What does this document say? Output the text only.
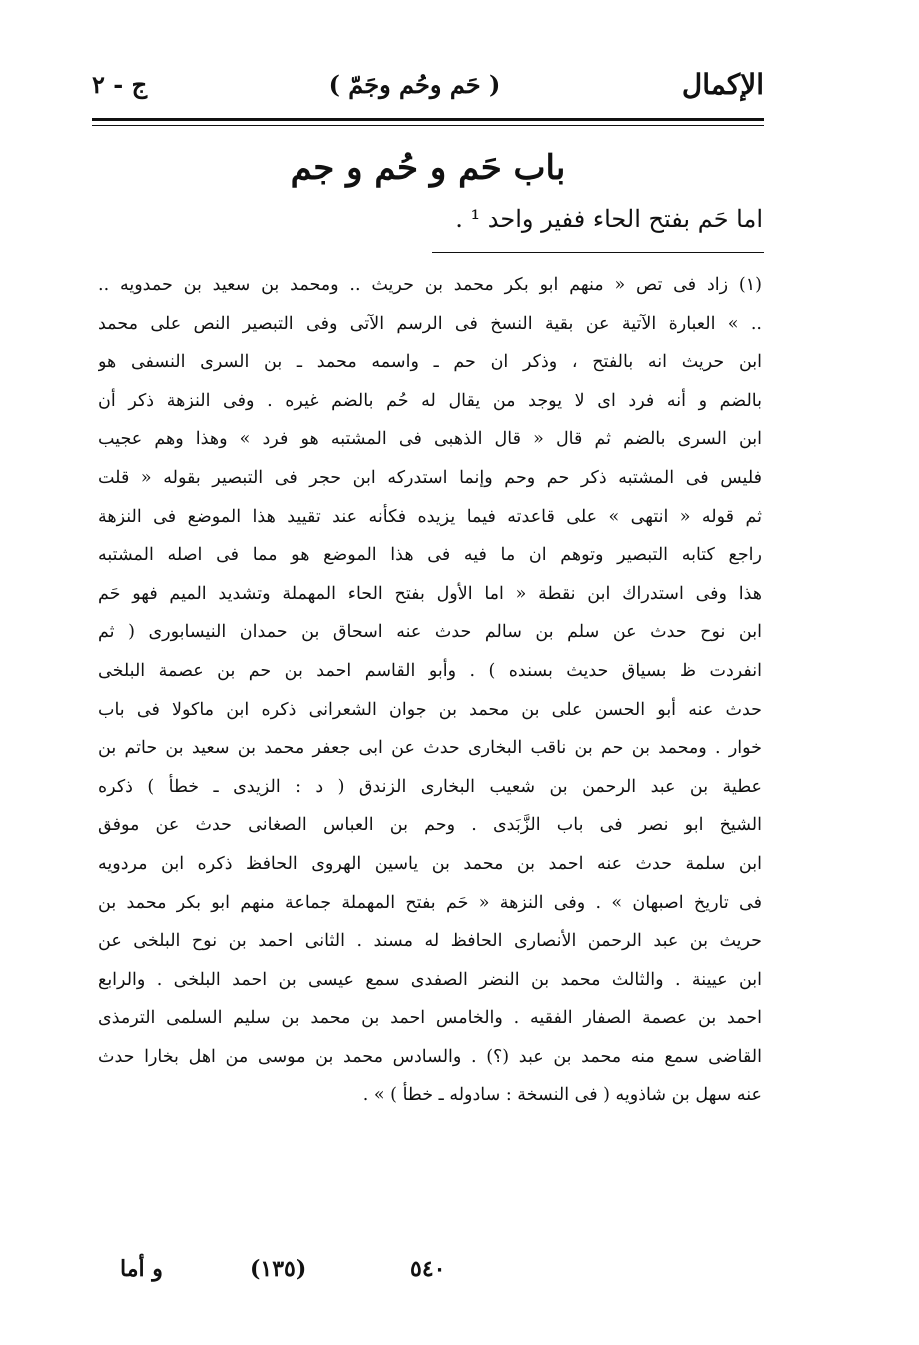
الإكمال
( حَم وحُم وجَمّ )
ج - ٢
باب حَم و حُم و جم
اما حَم بفتح الحاء ففير واحد ¹ .
(١) زاد فى تص « منهم ابو بكر محمد بن حريث .. ومحمد بن سعيد بن حمدويه ..
.. » العبارة الآتية عن بقية النسخ فى الرسم الآتى وفى التبصير النص على محمد
ابن حريث انه بالفتح ، وذكر ان حم ـ واسمه محمد ـ بن السرى النسفى هو
بالضم و أنه فرد اى لا يوجد من يقال له حُم بالضم غيره . وفى النزهة ذكر أن
ابن السرى بالضم ثم قال « قال الذهبى فى المشتبه هو فرد » وهذا وهم عجيب
فليس فى المشتبه ذكر حم وحم وإنما استدركه ابن حجر فى التبصير بقوله « قلت
ثم قوله « انتهى » على قاعدته فيما يزيده فكأنه عند تقييد هذا الموضع فى النزهة
راجع كتابه التبصير وتوهم ان ما فيه فى هذا الموضع هو مما فى اصله المشتبه
هذا وفى استدراك ابن نقطة « اما الأول بفتح الحاء المهملة وتشديد الميم فهو حَم
ابن نوح حدث عن سلم بن سالم حدث عنه اسحاق بن حمدان النيسابورى ( ثم
انفردت ظ بسياق حديث بسنده ) . وأبو القاسم احمد بن حم بن عصمة البلخى
حدث عنه أبو الحسن على بن محمد بن جوان الشعرانى ذكره ابن ماكولا فى باب
خوار . ومحمد بن حم بن ناقب البخارى حدث عن ابى جعفر محمد بن سعيد بن حاتم بن
عطية بن عبد الرحمن بن شعيب البخارى الزندق ( د : الزيدى ـ خطأ ) ذكره
الشيخ ابو نصر فى باب الزَّبَدى . وحم بن العباس الصغانى حدث عن موفق
ابن سلمة حدث عنه احمد بن محمد بن ياسين الهروى الحافظ ذكره ابن مردويه
فى تاريخ اصبهان » . وفى النزهة « حَم بفتح المهملة جماعة منهم ابو بكر محمد بن
حريث بن عبد الرحمن الأنصارى الحافظ له مسند . الثانى احمد بن نوح البلخى عن
ابن عيينة . والثالث محمد بن النضر الصفدى سمع عيسى بن احمد البلخى . والرابع
احمد بن عصمة الصفار الفقيه . والخامس احمد بن محمد بن سليم السلمى الترمذى
القاضى سمع منه محمد بن عبد (؟) . والسادس محمد بن موسى من اهل بخارا حدث
عنه سهل بن شاذويه ( فى النسخة : سادوله ـ خطأ ) » .
و أما	(١٣٥)	٥٤٠
